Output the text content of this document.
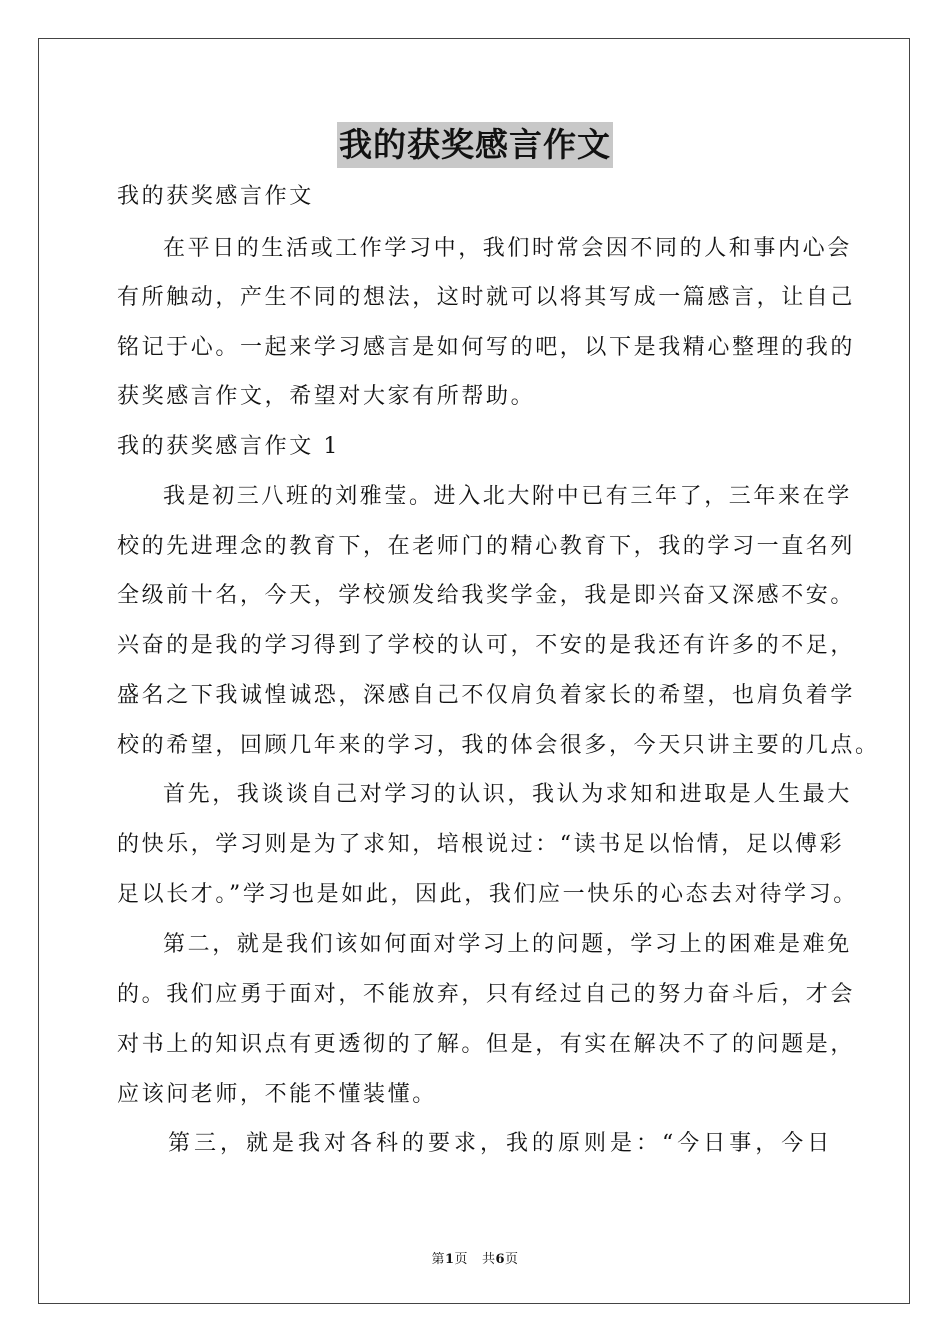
我的获奖感言作文
我的获奖感言作文
在平日的生活或工作学习中，我们时常会因不同的人和事内心会
有所触动，产生不同的想法，这时就可以将其写成一篇感言，让自己
铭记于心。一起来学习感言是如何写的吧，以下是我精心整理的我的
获奖感言作文，希望对大家有所帮助。
我的获奖感言作文 1
我是初三八班的刘雅莹。进入北大附中已有三年了，三年来在学
校的先进理念的教育下，在老师门的精心教育下，我的学习一直名列
全级前十名，今天，学校颁发给我奖学金，我是即兴奋又深感不安。
兴奋的是我的学习得到了学校的认可，不安的是我还有许多的不足，
盛名之下我诚惶诚恐，深感自己不仅肩负着家长的希望，也肩负着学
校的希望，回顾几年来的学习，我的体会很多，今天只讲主要的几点。
首先，我谈谈自己对学习的认识，我认为求知和进取是人生最大
的快乐，学习则是为了求知，培根说过：“读书足以怡情，足以傅彩
足以长才。”学习也是如此，因此，我们应一快乐的心态去对待学习。
第二，就是我们该如何面对学习上的问题，学习上的困难是难免
的。我们应勇于面对，不能放弃，只有经过自己的努力奋斗后，才会
对书上的知识点有更透彻的了解。但是，有实在解决不了的问题是，
应该问老师，不能不懂装懂。
第三，就是我对各科的要求，我的原则是：“今日事，今日
第1页 共6页
